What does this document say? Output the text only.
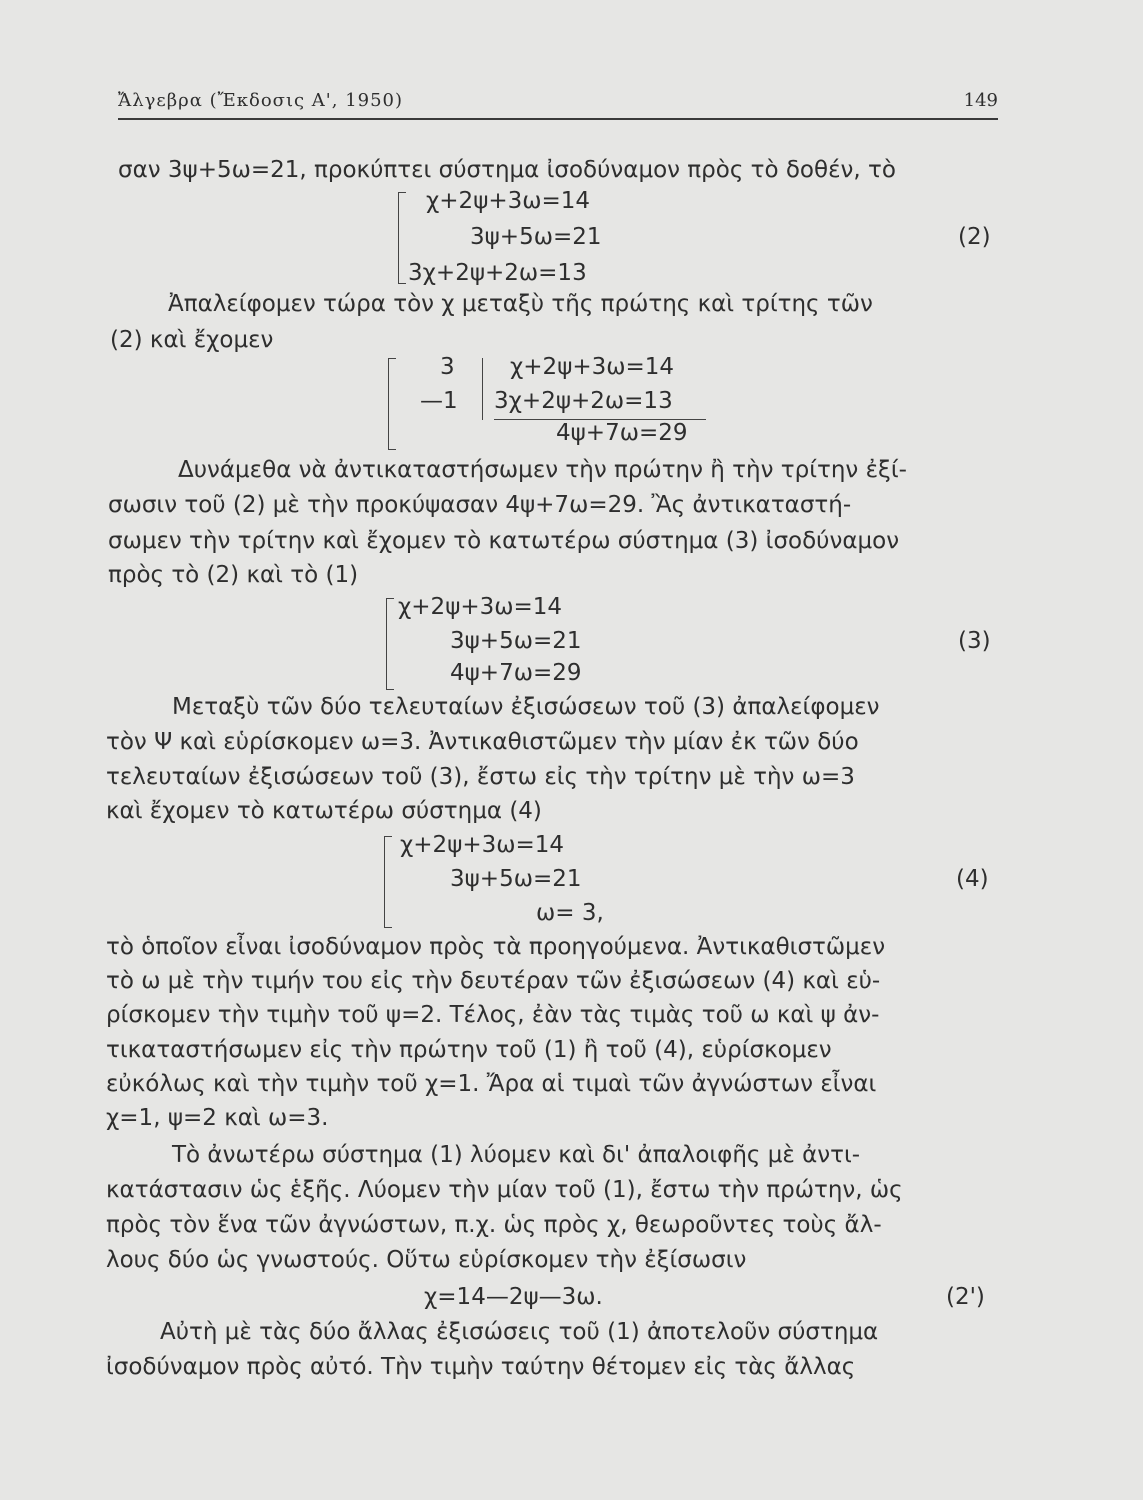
Ἄλγεβρα (Ἔκδοσις Α', 1950)	149
σαν 3ψ+5ω=21, προκύπτει σύστημα ἰσοδύναμον πρὸς τὸ δοθέν, τὸ
χ+2ψ+3ω=14
3ψ+5ω=21
3χ+2ψ+2ω=13
(2)
Ἀπαλείφομεν τώρα τὸν χ μεταξὺ τῆς πρώτης καὶ τρίτης τῶν
(2) καὶ ἔχομεν
3
—1
χ+2ψ+3ω=14
3χ+2ψ+2ω=13
4ψ+7ω=29
Δυνάμεθα νὰ ἀντικαταστήσωμεν τὴν πρώτην ἢ τὴν τρίτην ἐξί-
σωσιν τοῦ (2) μὲ τὴν προκύψασαν 4ψ+7ω=29. Ἂς ἀντικαταστή-
σωμεν τὴν τρίτην καὶ ἔχομεν τὸ κατωτέρω σύστημα (3) ἰσοδύναμον
πρὸς τὸ (2) καὶ τὸ (1)
χ+2ψ+3ω=14
3ψ+5ω=21
4ψ+7ω=29
(3)
Μεταξὺ τῶν δύο τελευταίων ἐξισώσεων τοῦ (3) ἀπαλείφομεν
τὸν Ψ καὶ εὑρίσκομεν ω=3. Ἀντικαθιστῶμεν τὴν μίαν ἐκ τῶν δύο
τελευταίων ἐξισώσεων τοῦ (3), ἔστω εἰς τὴν τρίτην μὲ τὴν ω=3
καὶ ἔχομεν τὸ κατωτέρω σύστημα (4)
χ+2ψ+3ω=14
3ψ+5ω=21
ω= 3,
(4)
τὸ ὁποῖον εἶναι ἰσοδύναμον πρὸς τὰ προηγούμενα. Ἀντικαθιστῶμεν
τὸ ω μὲ τὴν τιμήν του εἰς τὴν δευτέραν τῶν ἐξισώσεων (4) καὶ εὑ-
ρίσκομεν τὴν τιμὴν τοῦ ψ=2. Τέλος, ἐὰν τὰς τιμὰς τοῦ ω καὶ ψ ἀν-
τικαταστήσωμεν εἰς τὴν πρώτην τοῦ (1) ἢ τοῦ (4), εὑρίσκομεν
εὐκόλως καὶ τὴν τιμὴν τοῦ χ=1. Ἄρα αἱ τιμαὶ τῶν ἀγνώστων εἶναι
χ=1, ψ=2 καὶ ω=3.
Τὸ ἀνωτέρω σύστημα (1) λύομεν καὶ δι' ἀπαλοιφῆς μὲ ἀντι-
κατάστασιν ὡς ἑξῆς. Λύομεν τὴν μίαν τοῦ (1), ἔστω τὴν πρώτην, ὡς
πρὸς τὸν ἕνα τῶν ἀγνώστων, π.χ. ὡς πρὸς χ, θεωροῦντες τοὺς ἄλ-
λους δύο ὡς γνωστούς. Οὕτω εὑρίσκομεν τὴν ἐξίσωσιν
χ=14—2ψ—3ω.	(2')
Αὐτὴ μὲ τὰς δύο ἄλλας ἐξισώσεις τοῦ (1) ἀποτελοῦν σύστημα
ἰσοδύναμον πρὸς αὐτό. Τὴν τιμὴν ταύτην θέτομεν εἰς τὰς ἄλλας
